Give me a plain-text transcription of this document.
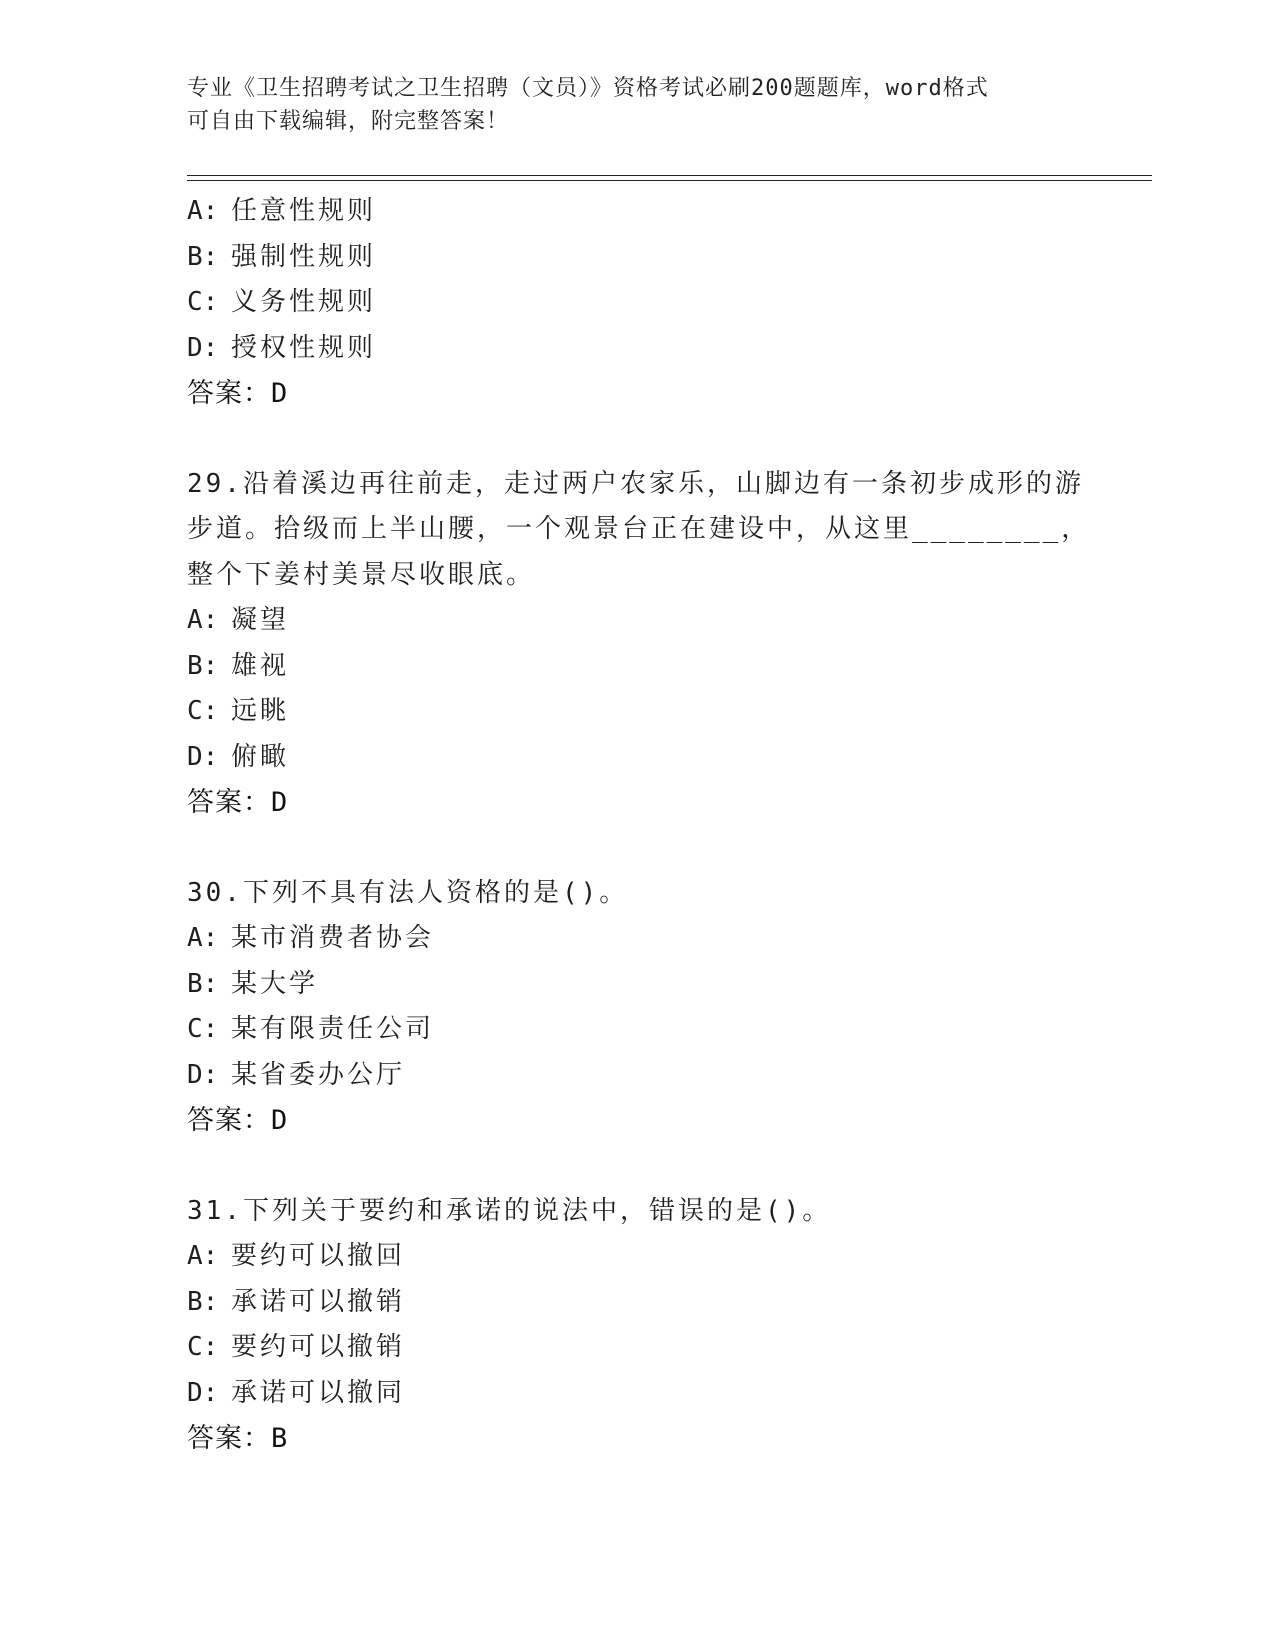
专业《卫生招聘考试之卫生招聘（文员）》资格考试必刷200题题库，word格式
可自由下载编辑，附完整答案！
A: 任意性规则
B: 强制性规则
C: 义务性规则
D: 授权性规则
答案：D
29.沿着溪边再往前走，走过两户农家乐，山脚边有一条初步成形的游
步道。拾级而上半山腰，一个观景台正在建设中，从这里________，
整个下姜村美景尽收眼底。
A: 凝望
B: 雄视
C: 远眺
D: 俯瞰
答案：D
30.下列不具有法人资格的是()。
A: 某市消费者协会
B: 某大学
C: 某有限责任公司
D: 某省委办公厅
答案：D
31.下列关于要约和承诺的说法中，错误的是()。
A: 要约可以撤回
B: 承诺可以撤销
C: 要约可以撤销
D: 承诺可以撤同
答案：B
